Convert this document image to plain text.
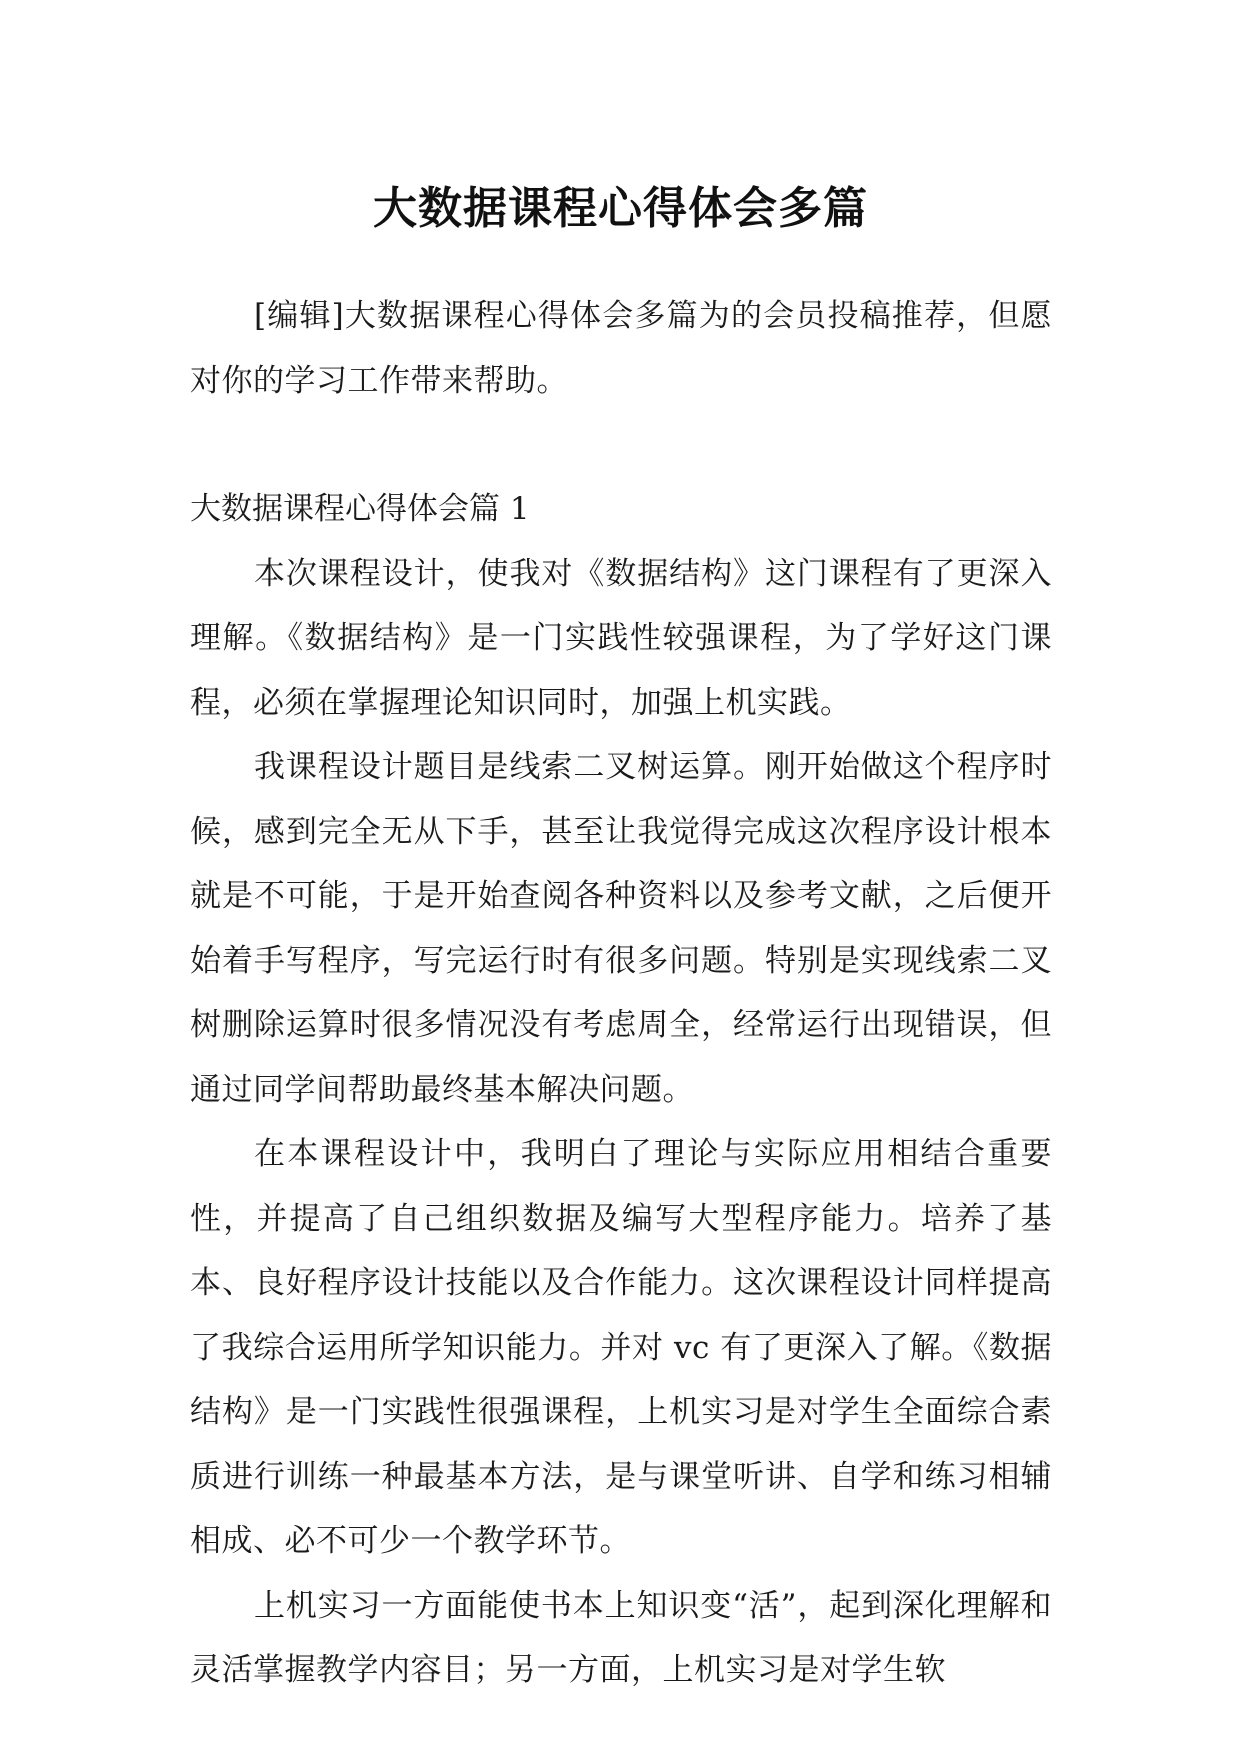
大数据课程心得体会多篇

[编辑]大数据课程心得体会多篇为的会员投稿推荐，但愿对你的学习工作带来帮助。

大数据课程心得体会篇 1

本次课程设计，使我对《数据结构》这门课程有了更深入理解。《数据结构》是一门实践性较强课程，为了学好这门课程，必须在掌握理论知识同时，加强上机实践。

我课程设计题目是线索二叉树运算。刚开始做这个程序时候，感到完全无从下手，甚至让我觉得完成这次程序设计根本就是不可能，于是开始查阅各种资料以及参考文献，之后便开始着手写程序，写完运行时有很多问题。特别是实现线索二叉树删除运算时很多情况没有考虑周全，经常运行出现错误，但通过同学间帮助最终基本解决问题。

在本课程设计中，我明白了理论与实际应用相结合重要性，并提高了自己组织数据及编写大型程序能力。培养了基本、良好程序设计技能以及合作能力。这次课程设计同样提高了我综合运用所学知识能力。并对 vc 有了更深入了解。《数据结构》是一门实践性很强课程，上机实习是对学生全面综合素质进行训练一种最基本方法，是与课堂听讲、自学和练习相辅相成、必不可少一个教学环节。

上机实习一方面能使书本上知识变“活”，起到深化理解和灵活掌握教学内容目；另一方面，上机实习是对学生软
